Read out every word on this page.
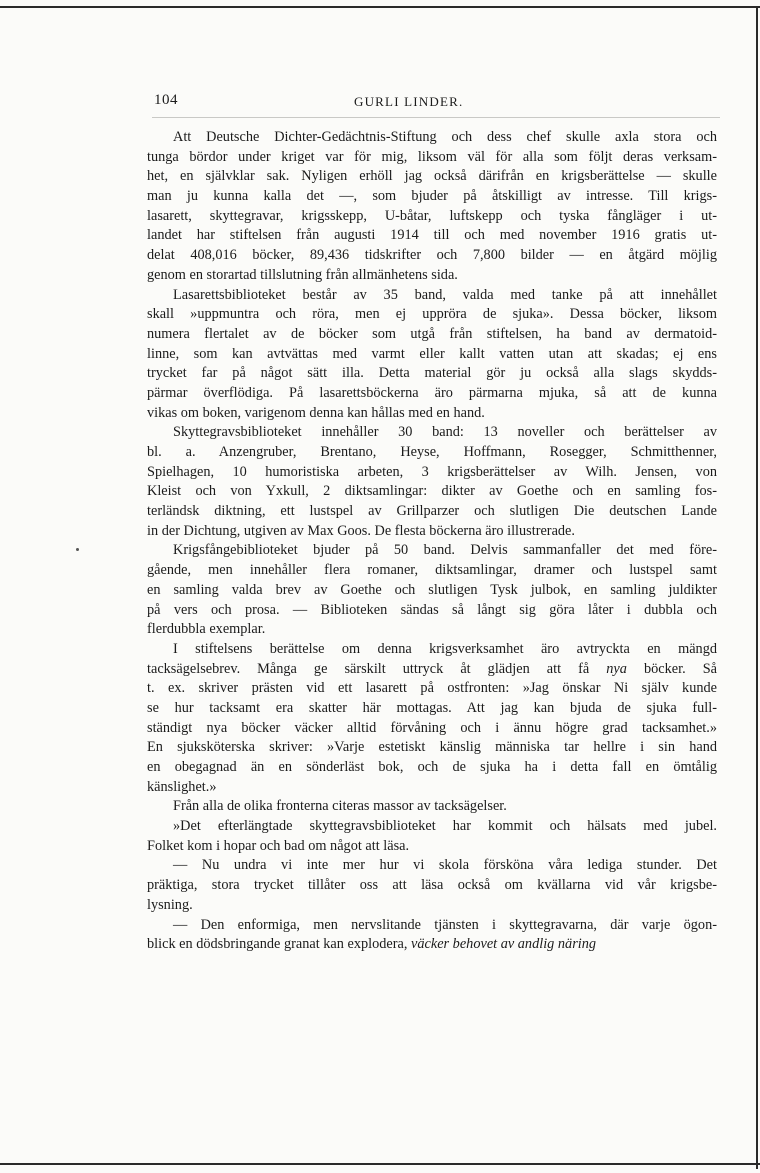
104	GURLI LINDER.
Att Deutsche Dichter-Gedächtnis-Stiftung och dess chef skulle axla stora och
tunga bördor under kriget var för mig, liksom väl för alla som följt deras verksam-
het, en självklar sak. Nyligen erhöll jag också därifrån en krigsberättelse — skulle
man ju kunna kalla det —, som bjuder på åtskilligt av intresse. Till krigs-
lasarett, skyttegravar, krigsskepp, U-båtar, luftskepp och tyska fångläger i ut-
landet har stiftelsen från augusti 1914 till och med november 1916 gratis ut-
delat 408,016 böcker, 89,436 tidskrifter och 7,800 bilder — en åtgärd möjlig
genom en storartad tillslutning från allmänhetens sida.
Lasarettsbiblioteket består av 35 band, valda med tanke på att innehållet
skall »uppmuntra och röra, men ej uppröra de sjuka». Dessa böcker, liksom
numera flertalet av de böcker som utgå från stiftelsen, ha band av dermatoid-
linne, som kan avtvättas med varmt eller kallt vatten utan att skadas; ej ens
trycket far på något sätt illa. Detta material gör ju också alla slags skydds-
pärmar överflödiga. På lasarettsböckerna äro pärmarna mjuka, så att de kunna
vikas om boken, varigenom denna kan hållas med en hand.
Skyttegravsbiblioteket innehåller 30 band: 13 noveller och berättelser av
bl. a. Anzengruber, Brentano, Heyse, Hoffmann, Rosegger, Schmitthenner,
Spielhagen, 10 humoristiska arbeten, 3 krigsberättelser av Wilh. Jensen, von
Kleist och von Yxkull, 2 diktsamlingar: dikter av Goethe och en samling fos-
terländsk diktning, ett lustspel av Grillparzer och slutligen Die deutschen Lande
in der Dichtung, utgiven av Max Goos. De flesta böckerna äro illustrerade.
Krigsfångebiblioteket bjuder på 50 band. Delvis sammanfaller det med före-
gående, men innehåller flera romaner, diktsamlingar, dramer och lustspel samt
en samling valda brev av Goethe och slutligen Tysk julbok, en samling juldikter
på vers och prosa. — Biblioteken sändas så långt sig göra låter i dubbla och
flerdubbla exemplar.
I stiftelsens berättelse om denna krigsverksamhet äro avtryckta en mängd
tacksägelsebrev. Många ge särskilt uttryck åt glädjen att få nya böcker. Så
t. ex. skriver prästen vid ett lasarett på ostfronten: »Jag önskar Ni själv kunde
se hur tacksamt era skatter här mottagas. Att jag kan bjuda de sjuka full-
ständigt nya böcker väcker alltid förvåning och i ännu högre grad tacksamhet.»
En sjuksköterska skriver: »Varje estetiskt känslig människa tar hellre i sin hand
en obegagnad än en sönderläst bok, och de sjuka ha i detta fall en ömtålig
känslighet.»
Från alla de olika fronterna citeras massor av tacksägelser.
»Det efterlängtade skyttegravsbiblioteket har kommit och hälsats med jubel.
Folket kom i hopar och bad om något att läsa.
— Nu undra vi inte mer hur vi skola försköna våra lediga stunder. Det
präktiga, stora trycket tillåter oss att läsa också om kvällarna vid vår krigsbe-
lysning.
— Den enformiga, men nervslitande tjänsten i skyttegravarna, där varje ögon-
blick en dödsbringande granat kan explodera, väcker behovet av andlig näring
